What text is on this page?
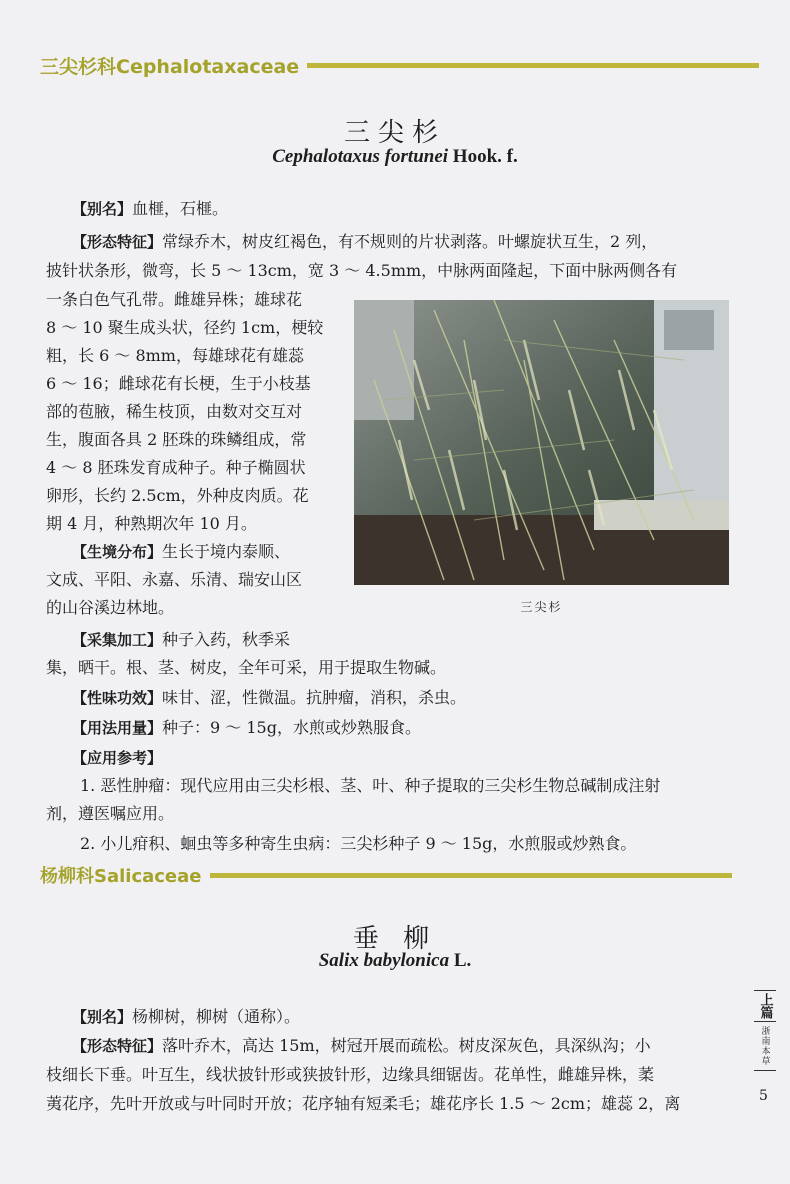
三尖杉科Cephalotaxaceae
三尖杉
Cephalotaxus fortunei Hook. f.
【别名】血榧，石榧。
【形态特征】常绿乔木，树皮红褐色，有不规则的片状剥落。叶螺旋状互生，2 列，
披针状条形，微弯，长 5 ～ 13cm，宽 3 ～ 4.5mm，中脉两面隆起，下面中脉两侧各有
一条白色气孔带。雌雄异株；雄球花
8 ～ 10 聚生成头状，径约 1cm，梗较
粗，长 6 ～ 8mm，每雄球花有雄蕊
6 ～ 16；雌球花有长梗，生于小枝基
部的苞腋，稀生枝顶，由数对交互对
生，腹面各具 2 胚珠的珠鳞组成，常
4 ～ 8 胚珠发育成种子。种子椭圆状
卵形，长约 2.5cm，外种皮肉质。花
期 4 月，种熟期次年 10 月。
【生境分布】生长于境内泰顺、
文成、平阳、永嘉、乐清、瑞安山区
的山谷溪边林地。
【采集加工】种子入药，秋季采
集，晒干。根、茎、树皮，全年可采，用于提取生物碱。
【性味功效】味甘、涩，性微温。抗肿瘤，消积，杀虫。
【用法用量】种子：9 ～ 15g，水煎或炒熟服食。
【应用参考】
1. 恶性肿瘤：现代应用由三尖杉根、茎、叶、种子提取的三尖杉生物总碱制成注射
剂，遵医嘱应用。
2. 小儿疳积、蛔虫等多种寄生虫病：三尖杉种子 9 ～ 15g，水煎服或炒熟食。
三尖杉
杨柳科Salicaceae
垂 柳
Salix babylonica L.
【别名】杨柳树，柳树（通称）。
【形态特征】落叶乔木，高达 15m，树冠开展而疏松。树皮深灰色，具深纵沟；小
枝细长下垂。叶互生，线状披针形或狭披针形，边缘具细锯齿。花单性，雌雄异株，葇
荑花序，先叶开放或与叶同时开放；花序轴有短柔毛；雄花序长 1.5 ～ 2cm；雄蕊 2，离
上篇
浙南本草
5
